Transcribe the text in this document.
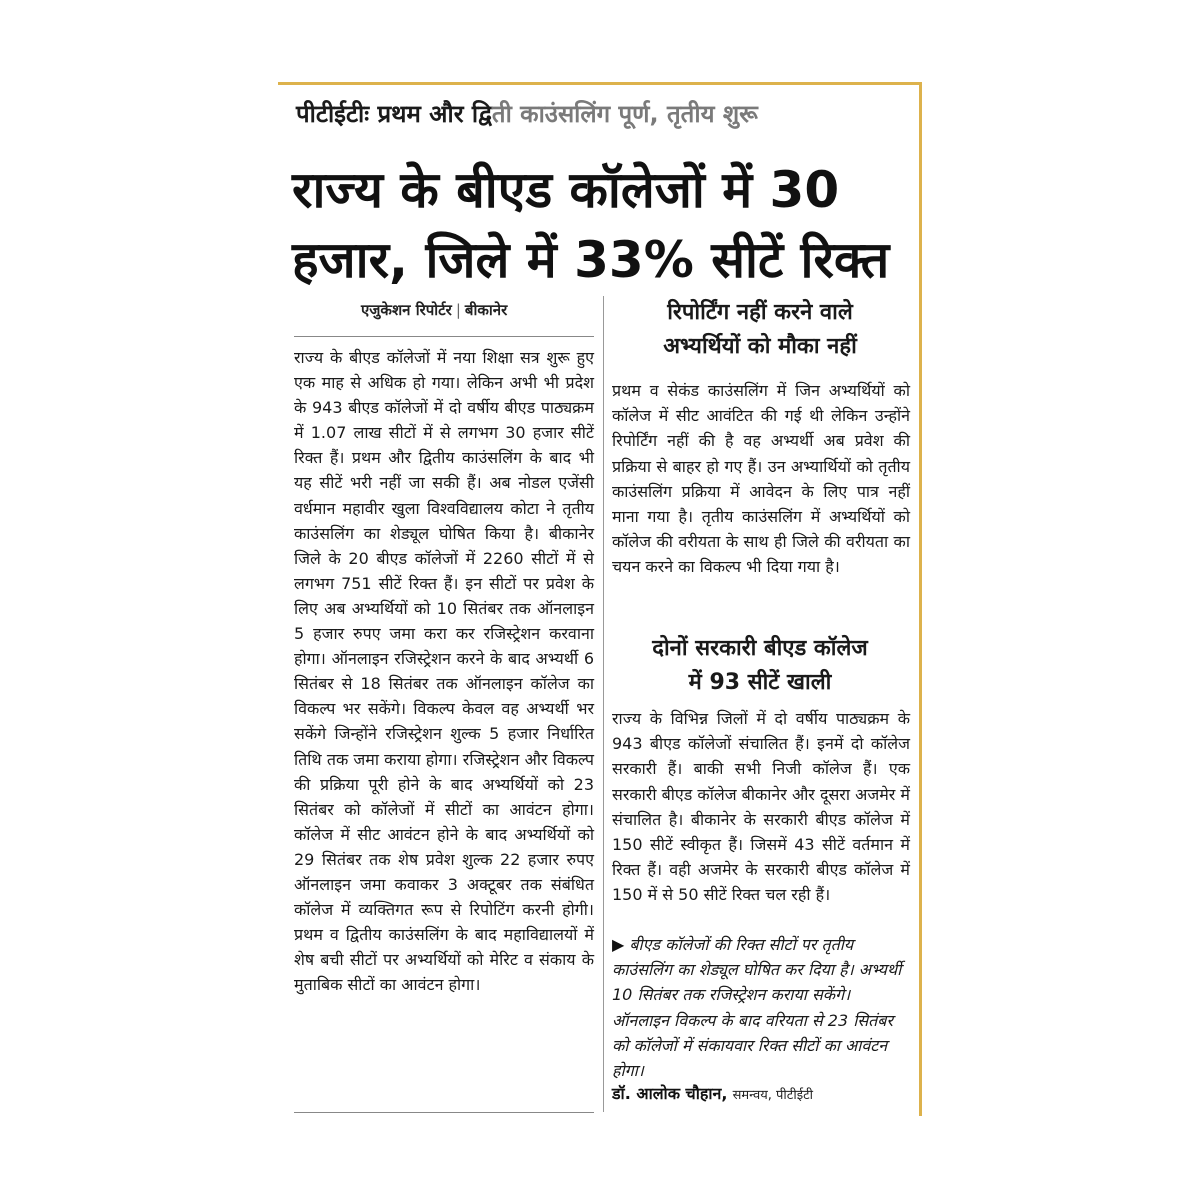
पीटीईटीः प्रथम और द्विती काउंसलिंग पूर्ण, तृतीय शुरू
राज्य के बीएड कॉलेजों में 30
हजार, जिले में 33% सीटें रिक्त
एजुकेशन रिपोर्टर | बीकानेर
राज्य के बीएड कॉलेजों में नया शिक्षा सत्र शुरू हुए एक माह से अधिक हो गया। लेकिन अभी भी प्रदेश के 943 बीएड कॉलेजों में दो वर्षीय बीएड पाठ्यक्रम में 1.07 लाख सीटों में से लगभग 30 हजार सीटें रिक्त हैं। प्रथम और द्वितीय काउंसलिंग के बाद भी यह सीटें भरी नहीं जा सकी हैं। अब नोडल एजेंसी वर्धमान महावीर खुला विश्वविद्यालय कोटा ने तृतीय काउंसलिंग का शेड्यूल घोषित किया है। बीकानेर जिले के 20 बीएड कॉलेजों में 2260 सीटों में से लगभग 751 सीटें रिक्त हैं। इन सीटों पर प्रवेश के लिए अब अभ्यर्थियों को 10 सितंबर तक ऑनलाइन 5 हजार रुपए जमा करा कर रजिस्ट्रेशन करवाना होगा। ऑनलाइन रजिस्ट्रेशन करने के बाद अभ्यर्थी 6 सितंबर से 18 सितंबर तक ऑनलाइन कॉलेज का विकल्प भर सकेंगे। विकल्प केवल वह अभ्यर्थी भर सकेंगे जिन्होंने रजिस्ट्रेशन शुल्क 5 हजार निर्धारित तिथि तक जमा कराया होगा। रजिस्ट्रेशन और विकल्प की प्रक्रिया पूरी होने के बाद अभ्यर्थियों को 23 सितंबर को कॉलेजों में सीटों का आवंटन होगा। कॉलेज में सीट आवंटन होने के बाद अभ्यर्थियों को 29 सितंबर तक शेष प्रवेश शुल्क 22 हजार रुपए ऑनलाइन जमा कवाकर 3 अक्टूबर तक संबंधित कॉलेज में व्यक्तिगत रूप से रिपोटिंग करनी होगी। प्रथम व द्वितीय काउंसलिंग के बाद महाविद्यालयों में शेष बची सीटों पर अभ्यर्थियों को मेरिट व संकाय के मुताबिक सीटों का आवंटन होगा।
रिपोर्टिंग नहीं करने वाले
अभ्यर्थियों को मौका नहीं
प्रथम व सेकंड काउंसलिंग में जिन अभ्यर्थियों को कॉलेज में सीट आवंटित की गई थी लेकिन उन्होंने रिपोर्टिंग नहीं की है वह अभ्यर्थी अब प्रवेश की प्रक्रिया से बाहर हो गए हैं। उन अभ्यार्थियों को तृतीय काउंसलिंग प्रक्रिया में आवेदन के लिए पात्र नहीं माना गया है। तृतीय काउंसलिंग में अभ्यर्थियों को कॉलेज की वरीयता के साथ ही जिले की वरीयता का चयन करने का विकल्प भी दिया गया है।
दोनों सरकारी बीएड कॉलेज
में 93 सीटें खाली
राज्य के विभिन्न जिलों में दो वर्षीय पाठ्यक्रम के 943 बीएड कॉलेजों संचालित हैं। इनमें दो कॉलेज सरकारी हैं। बाकी सभी निजी कॉलेज हैं। एक सरकारी बीएड कॉलेज बीकानेर और दूसरा अजमेर में संचालित है। बीकानेर के सरकारी बीएड कॉलेज में 150 सीटें स्वीकृत हैं। जिसमें 43 सीटें वर्तमान में रिक्त हैं। वही अजमेर के सरकारी बीएड कॉलेज में 150 में से 50 सीटें रिक्त चल रही हैं।
▶ बीएड कॉलेजों की रिक्त सीटों पर तृतीय काउंसलिंग का शेड्यूल घोषित कर दिया है। अभ्यर्थी 10 सितंबर तक रजिस्ट्रेशन कराया सकेंगे। ऑनलाइन विकल्प के बाद वरियता से 23 सितंबर को कॉलेजों में संकायवार रिक्त सीटों का आवंटन होगा।
डॉ. आलोक चौहान, समन्वय, पीटीईटी
